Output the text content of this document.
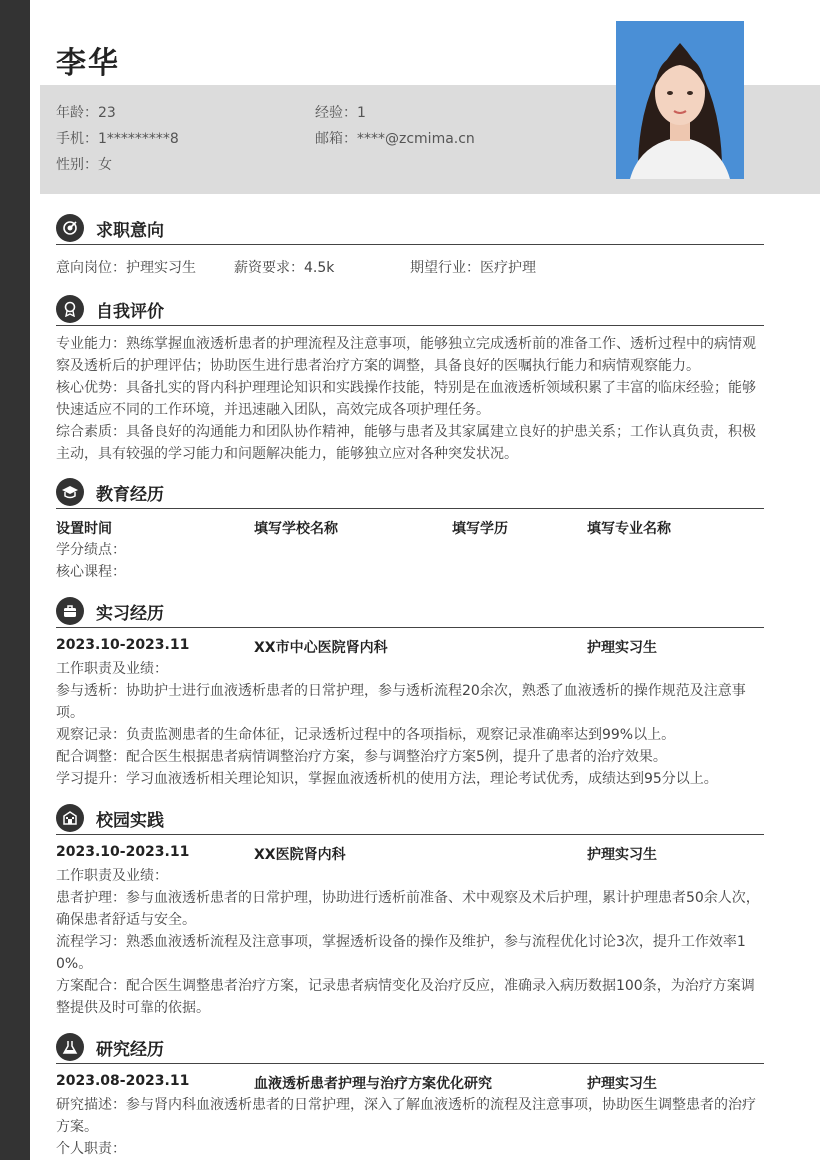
李华
年龄：23	经验：1
手机：1*********8	邮箱：****@zcmima.cn
性别：女
求职意向
意向岗位：护理实习生	薪资要求：4.5k	期望行业：医疗护理
自我评价
专业能力：熟练掌握血液透析患者的护理流程及注意事项，能够独立完成透析前的准备工作、透析过程中的病情观
察及透析后的护理评估；协助医生进行患者治疗方案的调整，具备良好的医嘱执行能力和病情观察能力。
核心优势：具备扎实的肾内科护理理论知识和实践操作技能，特别是在血液透析领域积累了丰富的临床经验；能够
快速适应不同的工作环境，并迅速融入团队，高效完成各项护理任务。
综合素质：具备良好的沟通能力和团队协作精神，能够与患者及其家属建立良好的护患关系；工作认真负责，积极
主动，具有较强的学习能力和问题解决能力，能够独立应对各种突发状况。
教育经历
设置时间	填写学校名称	填写学历	填写专业名称
学分绩点：
核心课程：
实习经历
2023.10-2023.11	XX市中心医院肾内科	护理实习生
工作职责及业绩：
参与透析：协助护士进行血液透析患者的日常护理，参与透析流程20余次，熟悉了血液透析的操作规范及注意事
项。
观察记录：负责监测患者的生命体征，记录透析过程中的各项指标，观察记录准确率达到99%以上。
配合调整：配合医生根据患者病情调整治疗方案，参与调整治疗方案5例，提升了患者的治疗效果。
学习提升：学习血液透析相关理论知识，掌握血液透析机的使用方法，理论考试优秀，成绩达到95分以上。
校园实践
2023.10-2023.11	XX医院肾内科	护理实习生
工作职责及业绩：
患者护理：参与血液透析患者的日常护理，协助进行透析前准备、术中观察及术后护理，累计护理患者50余人次，
确保患者舒适与安全。
流程学习：熟悉血液透析流程及注意事项，掌握透析设备的操作及维护，参与流程优化讨论3次，提升工作效率1
0%。
方案配合：配合医生调整患者治疗方案，记录患者病情变化及治疗反应，准确录入病历数据100条，为治疗方案调
整提供及时可靠的依据。
研究经历
2023.08-2023.11	血液透析患者护理与治疗方案优化研究	护理实习生
研究描述：参与肾内科血液透析患者的日常护理，深入了解血液透析的流程及注意事项，协助医生调整患者的治疗
方案。
个人职责：
